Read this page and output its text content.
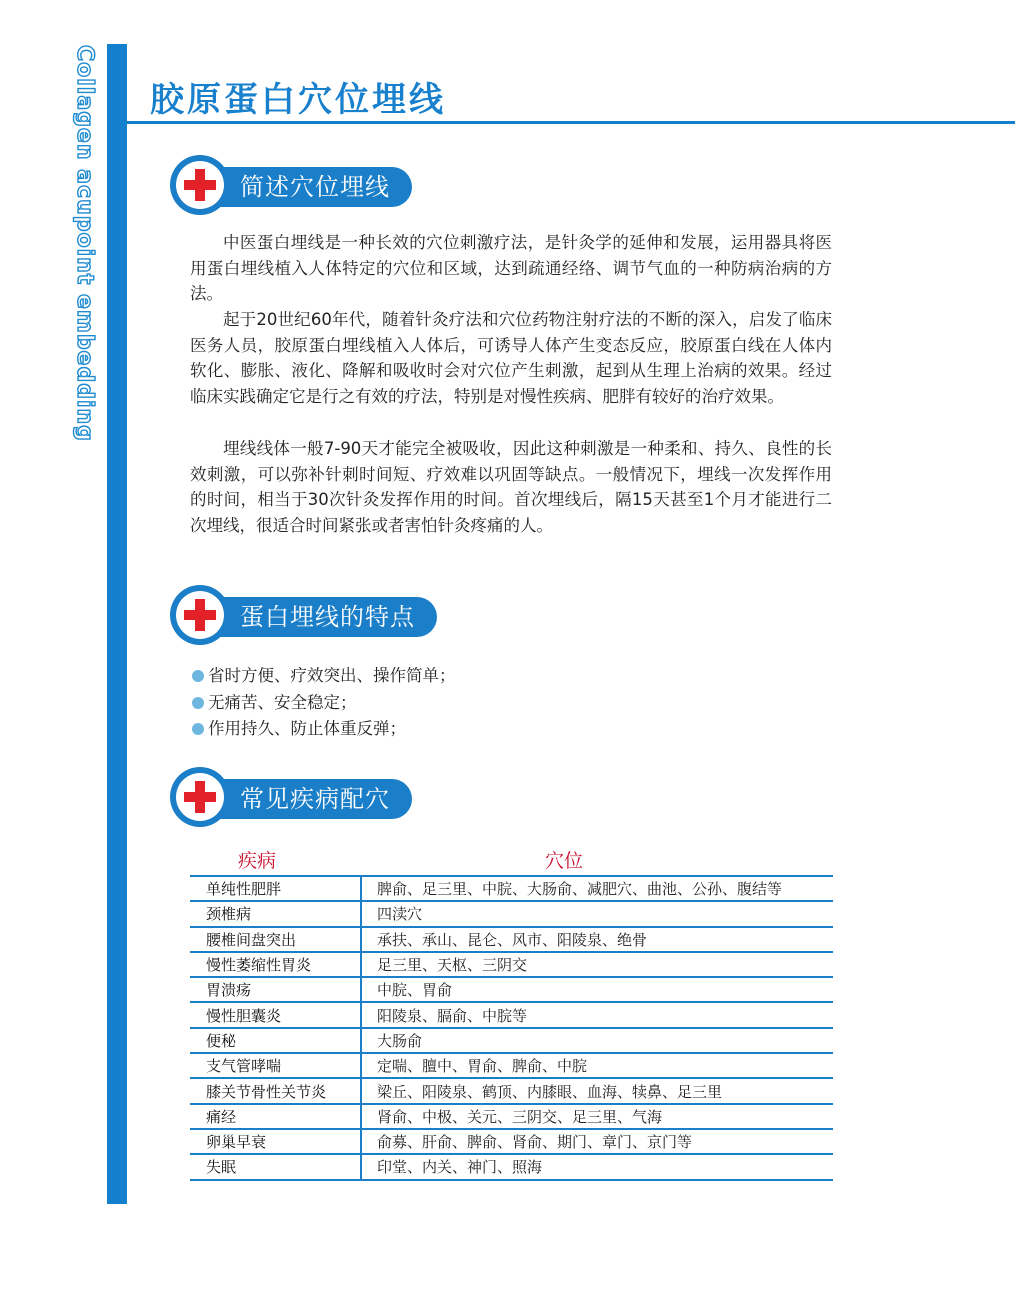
Collagen acupoint embedding 胶原蛋白穴位埋线
简述穴位埋线

中医蛋白埋线是一种长效的穴位刺激疗法，是针灸学的延伸和发展，运用器具将医用蛋白埋线植入人体特定的穴位和区域，达到疏通经络、调节气血的一种防病治病的方法。

起于20世纪60年代，随着针灸疗法和穴位药物注射疗法的不断的深入，启发了临床医务人员，胶原蛋白埋线植入人体后，可诱导人体产生变态反应，胶原蛋白线在人体内软化、膨胀、液化、降解和吸收时会对穴位产生刺激，起到从生理上治病的效果。经过临床实践确定它是行之有效的疗法，特别是对慢性疾病、肥胖有较好的治疗效果。

埋线线体一般7-90天才能完全被吸收，因此这种刺激是一种柔和、持久、良性的长效刺激，可以弥补针刺时间短、疗效难以巩固等缺点。一般情况下，埋线一次发挥作用的时间，相当于30次针灸发挥作用的时间。首次埋线后，隔15天甚至1个月才能进行二次埋线，很适合时间紧张或者害怕针灸疼痛的人。

蛋白埋线的特点
省时方便、疗效突出、操作简单；
无痛苦、安全稳定；
作用持久、防止体重反弹；
常见疾病配穴
疾病	穴位
单纯性肥胖	脾俞、足三里、中脘、大肠俞、减肥穴、曲池、公孙、腹结等
颈椎病	四渎穴
腰椎间盘突出	承扶、承山、昆仑、风市、阳陵泉、绝骨
慢性萎缩性胃炎	足三里、天枢、三阴交
胃溃疡	中脘、胃俞
慢性胆囊炎	阳陵泉、膈俞、中脘等
便秘	大肠俞
支气管哮喘	定喘、膻中、胃俞、脾俞、中脘
膝关节骨性关节炎	梁丘、阳陵泉、鹤顶、内膝眼、血海、犊鼻、足三里
痛经	肾俞、中极、关元、三阴交、足三里、气海
卵巢早衰	俞募、肝俞、脾俞、肾俞、期门、章门、京门等
失眠	印堂、内关、神门、照海
